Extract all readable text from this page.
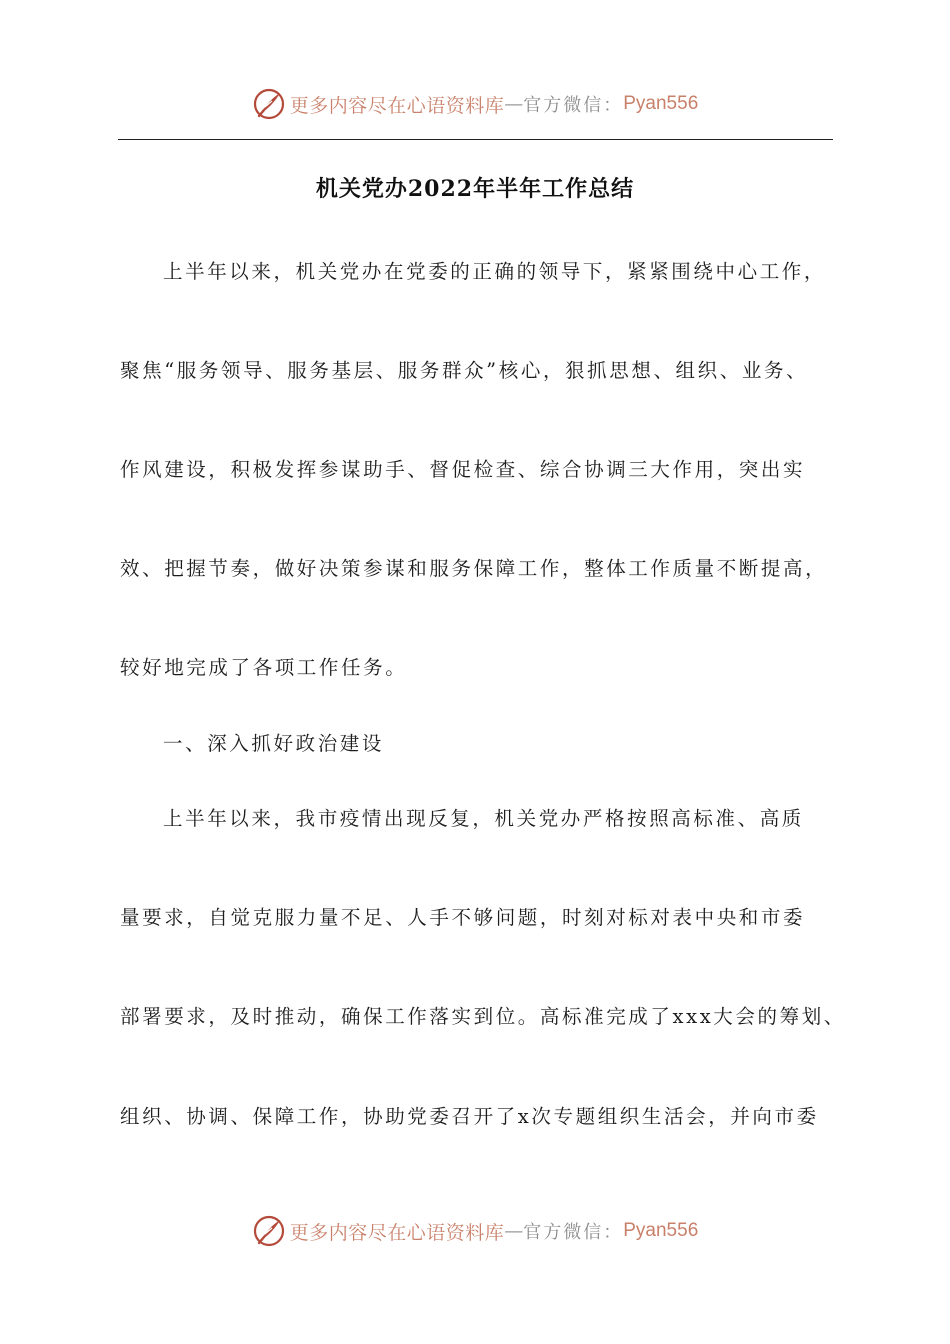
更多内容尽在心语资料库 — 官方微信： Pyan556
机关党办2022年半年工作总结
上半年以来，机关党办在党委的正确的领导下，紧紧围绕中心工作，
聚焦“服务领导、服务基层、服务群众”核心，狠抓思想、组织、业务、
作风建设，积极发挥参谋助手、督促检查、综合协调三大作用，突出实
效、把握节奏，做好决策参谋和服务保障工作，整体工作质量不断提高，
较好地完成了各项工作任务。
一、深入抓好政治建设
上半年以来，我市疫情出现反复，机关党办严格按照高标准、高质
量要求，自觉克服力量不足、人手不够问题，时刻对标对表中央和市委
部署要求，及时推动，确保工作落实到位。高标准完成了xxx大会的筹划、
组织、协调、保障工作，协助党委召开了x次专题组织生活会，并向市委
更多内容尽在心语资料库 — 官方微信： Pyan556
